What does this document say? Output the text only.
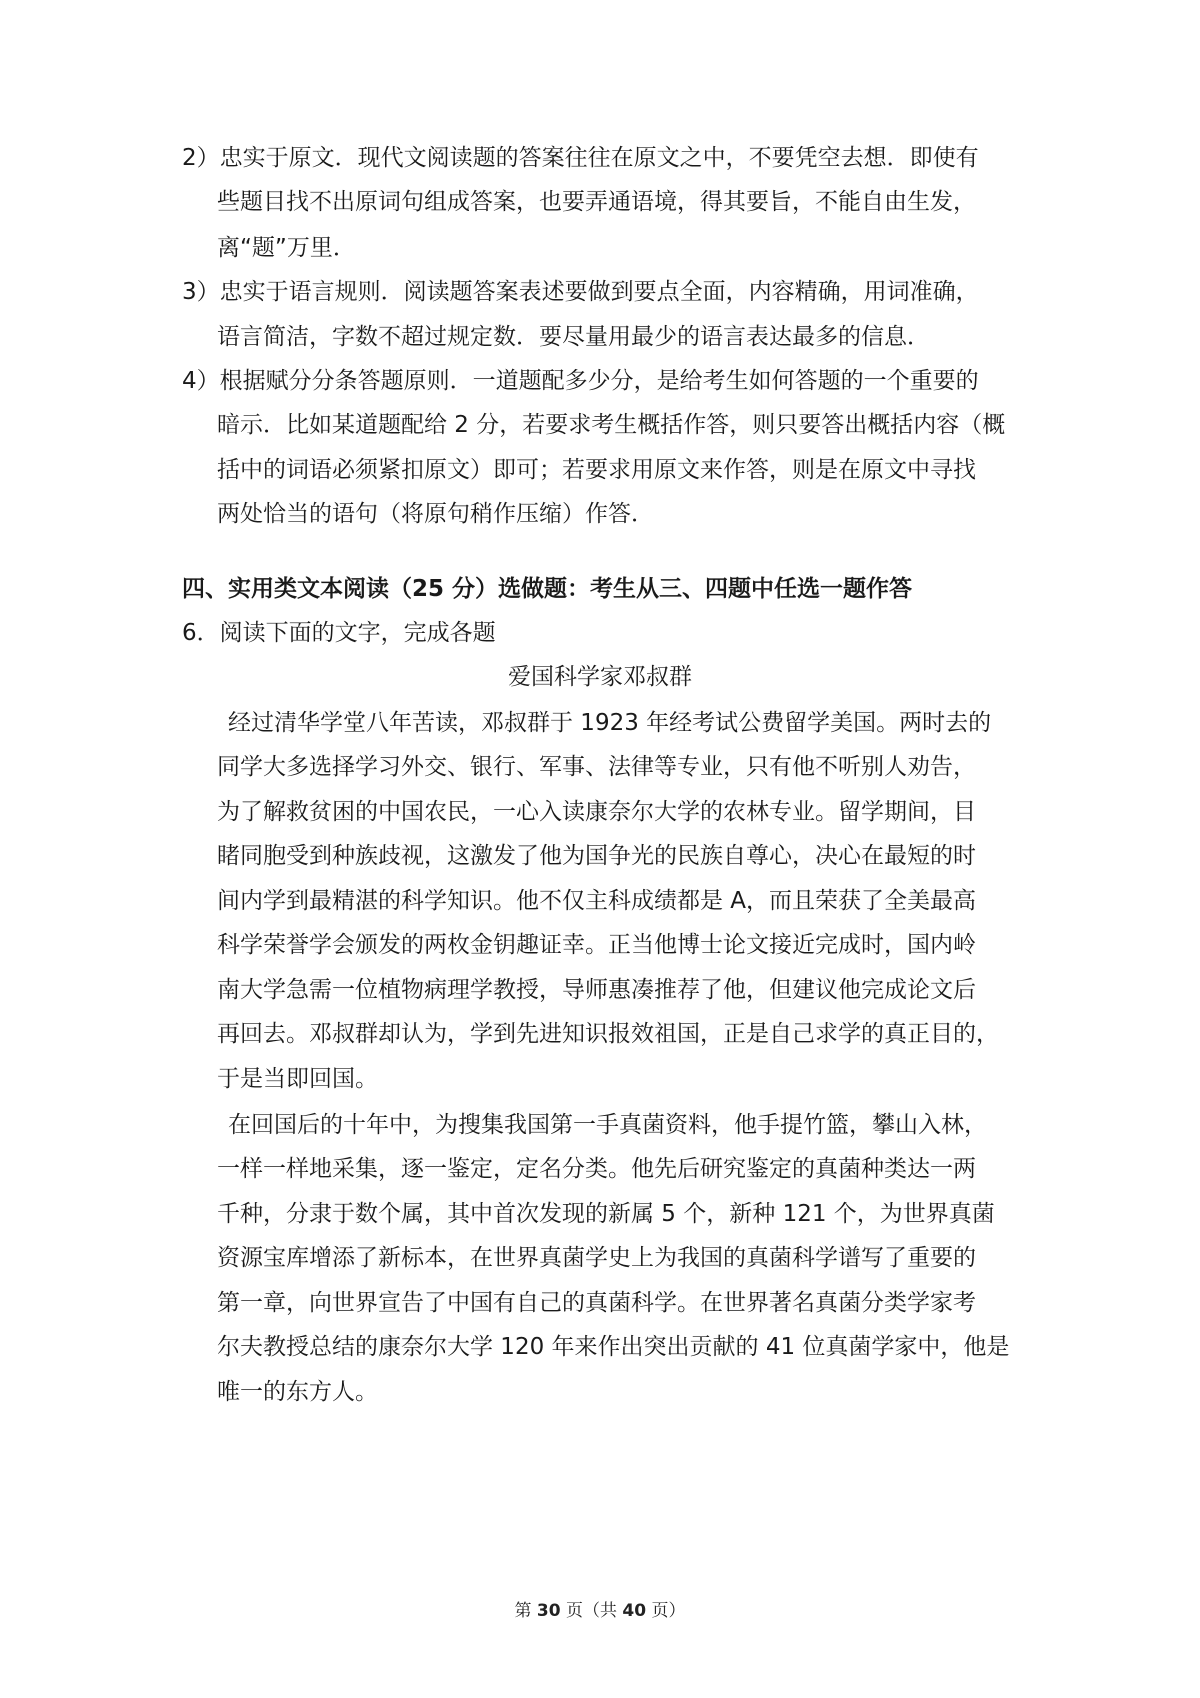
2）忠实于原文．现代文阅读题的答案往往在原文之中，不要凭空去想．即使有
些题目找不出原词句组成答案，也要弄通语境，得其要旨，不能自由生发，
离“题”万里．
3）忠实于语言规则．阅读题答案表述要做到要点全面，内容精确，用词准确，
语言简洁，字数不超过规定数．要尽量用最少的语言表达最多的信息．
4）根据赋分分条答题原则．一道题配多少分，是给考生如何答题的一个重要的
暗示．比如某道题配给 2 分，若要求考生概括作答，则只要答出概括内容（概
括中的词语必须紧扣原文）即可；若要求用原文来作答，则是在原文中寻找
两处恰当的语句（将原句稍作压缩）作答．
四、实用类文本阅读（25 分）选做题：考生从三、四题中任选一题作答
6．阅读下面的文字，完成各题
爱国科学家邓叔群
经过清华学堂八年苦读，邓叔群于 1923 年经考试公费留学美国。两时去的
同学大多选择学习外交、银行、军事、法律等专业，只有他不听别人劝告，
为了解救贫困的中国农民，一心入读康奈尔大学的农林专业。留学期间，目
睹同胞受到种族歧视，这激发了他为国争光的民族自尊心，决心在最短的时
间内学到最精湛的科学知识。他不仅主科成绩都是 A，而且荣获了全美最高
科学荣誉学会颁发的两枚金钥趣证幸。正当他博士论文接近完成时，国内岭
南大学急需一位植物病理学教授，导师惠凑推荐了他，但建议他完成论文后
再回去。邓叔群却认为，学到先进知识报效祖国，正是自己求学的真正目的，
于是当即回国。
在回国后的十年中，为搜集我国第一手真菌资料，他手提竹篮，攀山入林，
一样一样地采集，逐一鉴定，定名分类。他先后研究鉴定的真菌种类达一两
千种，分隶于数个属，其中首次发现的新属 5 个，新种 121 个，为世界真菌
资源宝库增添了新标本，在世界真菌学史上为我国的真菌科学谱写了重要的
第一章，向世界宣告了中国有自己的真菌科学。在世界著名真菌分类学家考
尔夫教授总结的康奈尔大学 120 年来作出突出贡献的 41 位真菌学家中，他是
唯一的东方人。
第 30 页（共 40 页）
